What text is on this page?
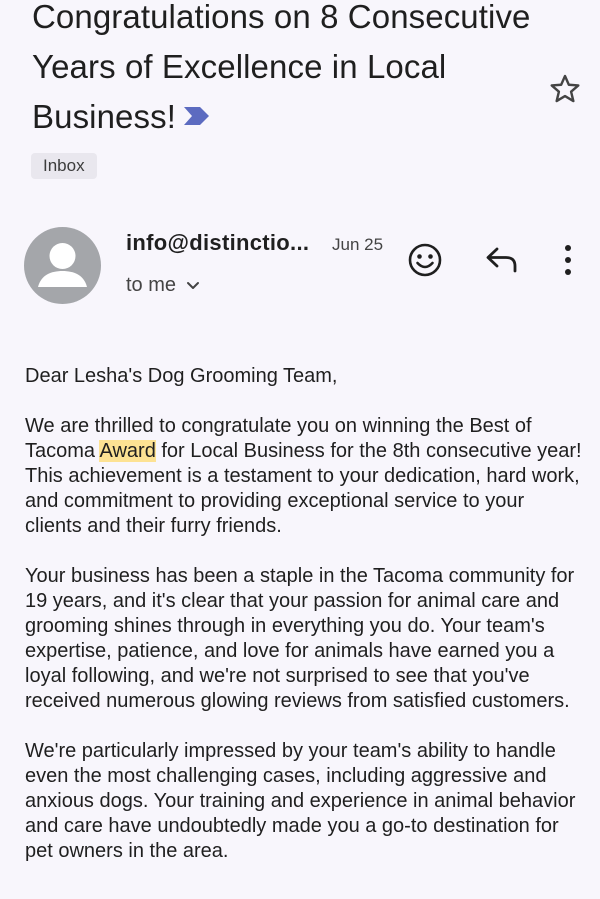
Congratulations on 8 Consecutive Years of Excellence in Local Business!
Inbox
info@distinctio... Jun 25
to me

Dear Lesha's Dog Grooming Team,

We are thrilled to congratulate you on winning the Best of Tacoma Award for Local Business for the 8th consecutive year! This achievement is a testament to your dedication, hard work, and commitment to providing exceptional service to your clients and their furry friends.

Your business has been a staple in the Tacoma community for 19 years, and it's clear that your passion for animal care and grooming shines through in everything you do. Your team's expertise, patience, and love for animals have earned you a loyal following, and we're not surprised to see that you've received numerous glowing reviews from satisfied customers.

We're particularly impressed by your team's ability to handle even the most challenging cases, including aggressive and anxious dogs. Your training and experience in animal behavior and care have undoubtedly made you a go-to destination for pet owners in the area.
